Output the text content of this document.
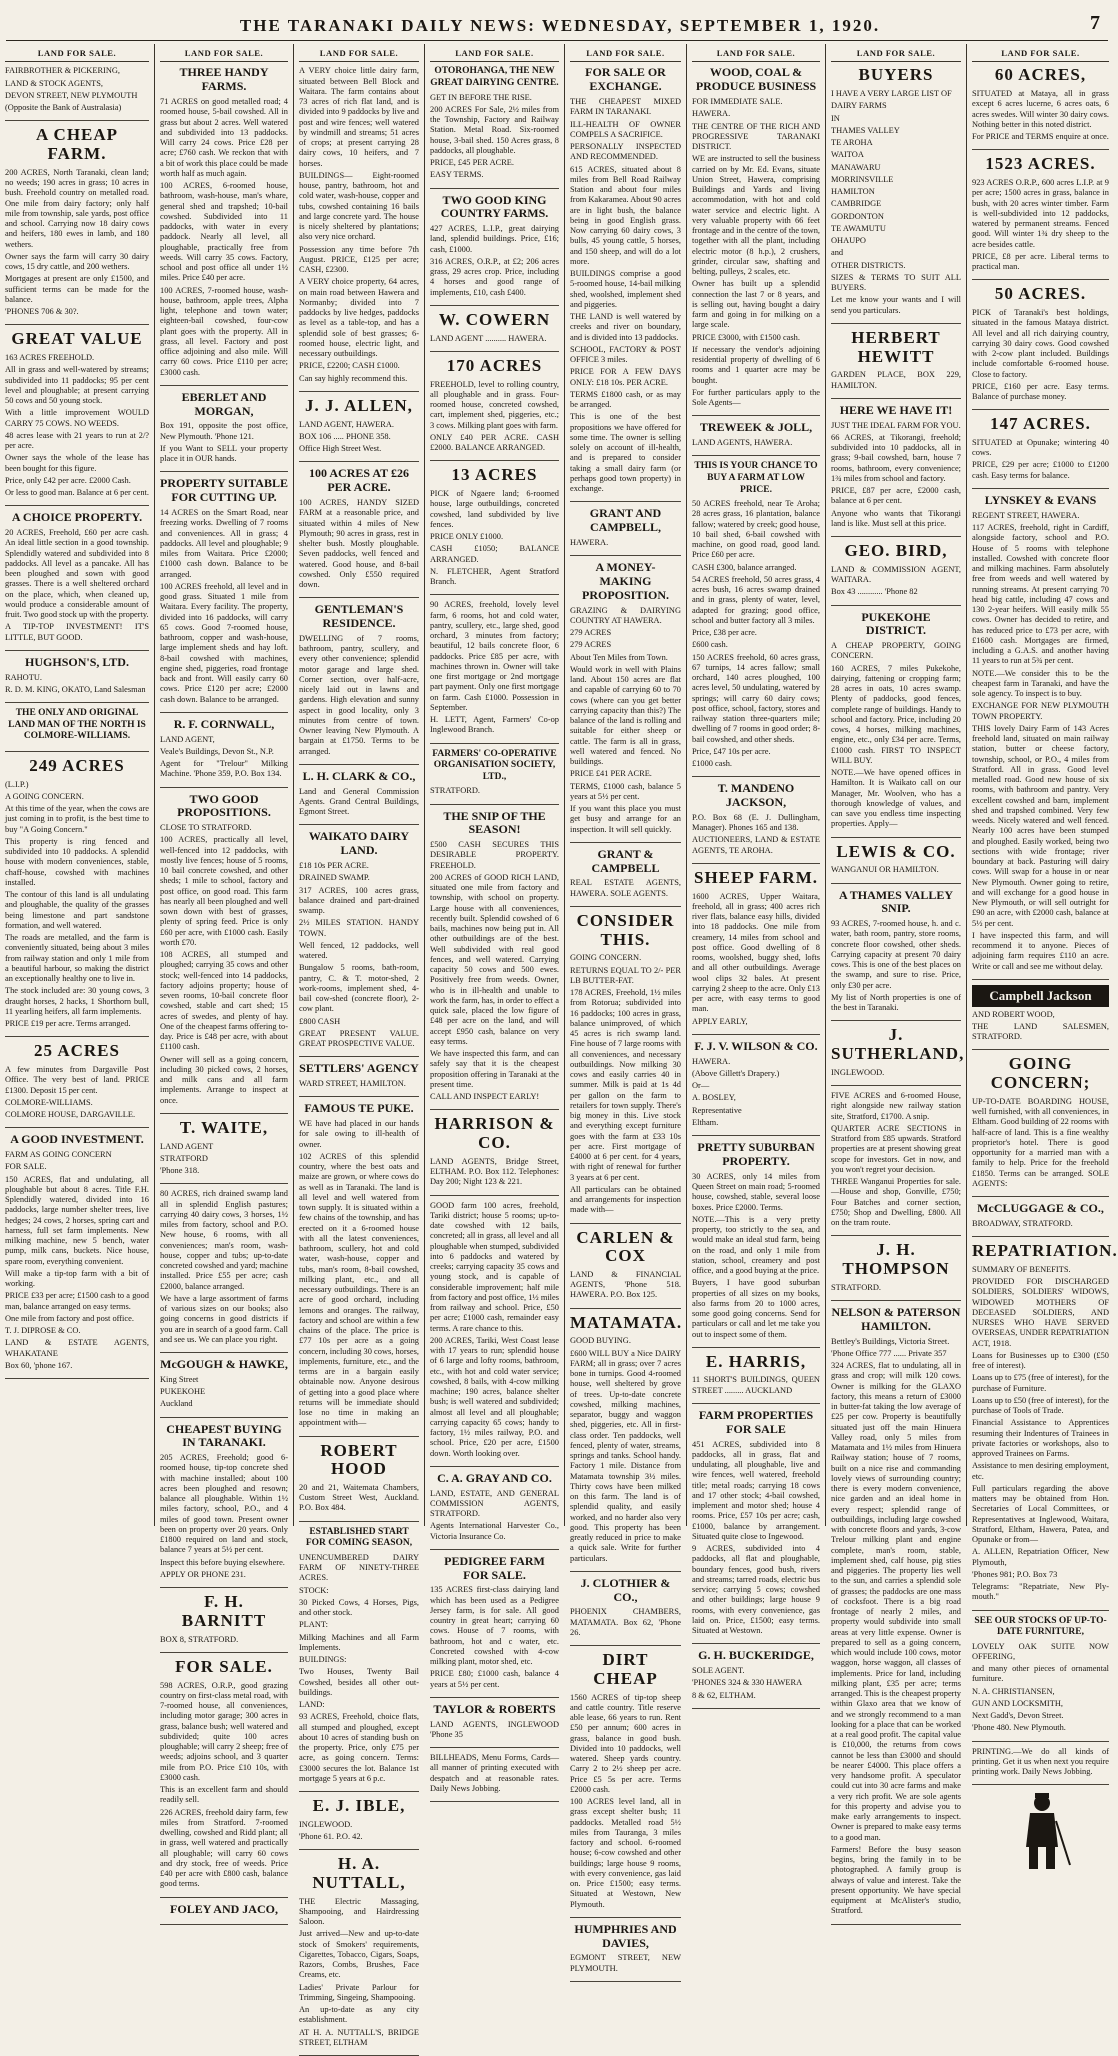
THE TARANAKI DAILY NEWS: WEDNESDAY, SEPTEMBER 1, 1920.	7
LAND FOR SALE.

FAIRBROTHER & PICKERING,

LAND & STOCK AGENTS,

DEVON STREET, NEW PLYMOUTH

(Opposite the Bank of Australasia)

A CHEAP FARM.

200 ACRES, North Taranaki, clean land; no weeds; 190 acres in grass; 10 acres in bush. Freehold country on metalled road. One mile from dairy factory; only half mile from township, sale yards, post office and school. Carrying now 18 dairy cows and heifers, 180 ewes in lamb, and 180 wethers.

Owner says the farm will carry 30 dairy cows, 15 dry cattle, and 200 wethers.

Mortgages at present are only £1500, and sufficient terms can be made for the balance.

'PHONES 706 & 30?.

GREAT VALUE

163 ACRES FREEHOLD.

All in grass and well-watered by streams; subdivided into 11 paddocks; 95 per cent level and ploughable; at present carrying 50 cows and 50 young stock.

With a little improvement WOULD CARRY 75 COWS. NO WEEDS.

48 acres lease with 21 years to run at 2/? per acre.

Owner says the whole of the lease has been bought for this figure.

Price, only £42 per acre. £2000 Cash.

Or less to good man. Balance at 6 per cent.

A CHOICE PROPERTY.

20 ACRES, Freehold, £60 per acre cash. An ideal little section in a good township. Splendidly watered and subdivided into 8 paddocks. All level as a pancake. All has been ploughed and sown with good grasses. There is a well sheltered orchard on the place, which, when cleaned up, would produce a considerable amount of fruit. Two good stock up with the property.

A TIP-TOP INVESTMENT! IT'S LITTLE, BUT GOOD.

HUGHSON'S, LTD.

RAHOTU.

R. D. M. KING, OKATO, Land Salesman

THE ONLY AND ORIGINAL LAND MAN OF THE NORTH IS COLMORE-WILLIAMS.
249 ACRES

(L.I.P.)

A GOING CONCERN.

At this time of the year, when the cows are just coming in to profit, is the best time to buy "A Going Concern."

This property is ring fenced and subdivided into 10 paddocks. A splendid house with modern conveniences, stable, chaff-house, cowshed with machines installed.

The contour of this land is all undulating and ploughable, the quality of the grasses being limestone and part sandstone formation, and well watered.

The roads are metalled, and the farm is conveniently situated, being about 3 miles from railway station and only 1 mile from a beautiful harbour, so making the district an exceptionally healthy one to live in.

The stock included are: 30 young cows, 3 draught horses, 2 hacks, 1 Shorthorn bull, 11 yearling heifers, all farm implements.

PRICE £19 per acre. Terms arranged.

25 ACRES

A few minutes from Dargaville Post Office. The very best of land. PRICE £1300. Deposit 15 per cent.

COLMORE-WILLIAMS.

COLMORE HOUSE, DARGAVILLE.

A GOOD INVESTMENT.

FARM AS GOING CONCERN

FOR SALE.

150 ACRES, flat and undulating, all ploughable but about 8 acres. Title F.H. Splendidly watered, divided into 16 paddocks, large number shelter trees, live hedges; 24 cows, 2 horses, spring cart and harness, full set farm implements. New milking machine, new 5 bench, water pump, milk cans, buckets. Nice house, spare room, everything convenient.

Will make a tip-top farm with a bit of working.

PRICE £33 per acre; £1500 cash to a good man, balance arranged on easy terms.

One mile from factory and post office.

T. J. DIPROSE & CO.

LAND & ESTATE AGENTS, WHAKATANE

Box 60, 'phone 167.

LAND FOR SALE.
THREE HANDY FARMS.

71 ACRES on good metalled road; 4 roomed house, 5-bail cowshed. All in grass but about 2 acres. Well watered and subdivided into 13 paddocks. Will carry 24 cows. Price £28 per acre; £760 cash. We reckon that with a bit of work this place could be made worth half as much again.

100 ACRES, 6-roomed house, bathroom, wash-house, man's whare, general shed and trapshed; 10-bail cowshed. Subdivided into 11 paddocks, with water in every paddock. Nearly all level, all ploughable, practically free from weeds. Will carry 35 cows. Factory, school and post office all under 1½ miles. Price £40 per acre.

100 ACRES, 7-roomed house, wash-house, bathroom, apple trees, Alpha light, telephone and town water; eighteen-bail cowshed, four-cow plant goes with the property. All in grass, all level. Factory and post office adjoining and also mile. Will carry 60 cows. Price £110 per acre; £3000 cash.

EBERLET AND MORGAN,

Box 191, opposite the post office, New Plymouth. 'Phone 121.

If you Want to SELL your property place it in OUR hands.

PROPERTY SUITABLE FOR CUTTING UP.

14 ACRES on the Smart Road, near freezing works. Dwelling of 7 rooms and conveniences. All in grass; 4 paddocks. All level and ploughable; 9 miles from Waitara. Price £2000; £1000 cash down. Balance to be arranged.

100 ACRES freehold, all level and in good grass. Situated 1 mile from Waitara. Every facility. The property, divided into 16 paddocks, will carry 65 cows. Good 7-roomed house, bathroom, copper and wash-house, large implement sheds and hay loft. 8-bail cowshed with machines, engine shed, piggeries, road frontage back and front. Will easily carry 60 cows. Price £120 per acre; £2000 cash down. Balance to be arranged.

R. F. CORNWALL,

LAND AGENT,

Veale's Buildings, Devon St., N.P.

Agent for "Trelour" Milking Machine. 'Phone 359, P.O. Box 134.

TWO GOOD PROPOSITIONS.

CLOSE TO STRATFORD.

100 ACRES, practically all level, well-fenced into 12 paddocks, with mostly live fences; house of 5 rooms, 10 bail concrete cowshed, and other sheds; 1 mile to school, factory and post office, on good road. This farm has nearly all been ploughed and well sown down with best of grasses, plenty of spring feed. Price is only £60 per acre, with £1000 cash. Easily worth £70.

108 ACRES, all stumped and ploughed; carrying 35 cows and other stock; well-fenced into 14 paddocks, factory adjoins property; house of seven rooms, 10-bail concrete floor cowshed, stable and cart shed; 15 acres of swedes, and plenty of hay. One of the cheapest farms offering to-day. Price is £48 per acre, with about £1100 cash.

Owner will sell as a going concern, including 30 picked cows, 2 horses, and milk cans and all farm implements. Arrange to inspect at once.

T. WAITE,

LAND AGENT

STRATFORD

'Phone 318.

80 ACRES, rich drained swamp land all in splendid English pastures; carrying 40 dairy cows, 3 horses, 1½ miles from factory, school and P.O. New house, 6 rooms, with all conveniences; man's room, wash-house, copper and tubs; up-to-date concreted cowshed and yard; machine installed. Price £55 per acre; cash £2000, balance arranged.

We have a large assortment of farms of various sizes on our books; also going concerns in good districts if you are in search of a good farm. Call and see us. We can place you right.

McGOUGH & HAWKE,

King Street

PUKEKOHE

Auckland

CHEAPEST BUYING IN TARANAKI.

205 ACRES, Freehold; good 6-roomed house, tip-top concrete shed with machine installed; about 100 acres been ploughed and resown; balance all ploughable. Within 1½ miles factory, school, P.O., and 4 miles of good town. Present owner been on property over 20 years. Only £1800 required on land and stock, balance 7 years at 5½ per cent.

Inspect this before buying elsewhere.

APPLY OR PHONE 231.

F. H. BARNITT

BOX 8, STRATFORD.

FOR SALE.

598 ACRES, O.R.P., good grazing country on first-class metal road, with 7-roomed house, all conveniences, including motor garage; 300 acres in grass, balance bush; well watered and subdivided; quite 100 acres ploughable; will carry 2 sheep; free of weeds; adjoins school, and 3 quarter mile from P.O. Price £10 10s, with £3000 cash.

This is an excellent farm and should readily sell.

226 ACRES, freehold dairy farm, few miles from Stratford. 7-roomed dwelling, cowshed and Ridd plant; all in grass, well watered and practically all ploughable; will carry 60 cows and dry stock, free of weeds. Price £40 per acre with £800 cash, balance good terms.

FOLEY AND JACO,
LAND FOR SALE.

A VERY choice little dairy farm, situated between Bell Block and Waitara. The farm contains about 73 acres of rich flat land, and is divided into 9 paddocks by live and post and wire fences; well watered by windmill and streams; 51 acres of crops; at present carrying 28 dairy cows, 10 heifers, and 7 horses.

BUILDINGS— Eight-roomed house, pantry, bathroom, hot and cold water, wash-house, copper and tubs, cowshed containing 16 bails and large concrete yard. The house is nicely sheltered by plantations; also very nice orchard.

Possession any time before 7th August. PRICE, £125 per acre; CASH, £2300.

A VERY choice property, 64 acres, on main road between Hawera and Normanby; divided into 7 paddocks by live hedges, paddocks as level as a table-top, and has a splendid sole of best grasses; 6-roomed house, electric light, and necessary outbuildings.

PRICE, £2200; CASH £1000.

Can say highly recommend this.

J. J. ALLEN,

LAND AGENT, HAWERA.

BOX 106 ..... PHONE 358.

Office High Street West.

100 ACRES AT £26 PER ACRE.

100 ACRES, HANDY SIZED FARM at a reasonable price, and situated within 4 miles of New Plymouth; 90 acres in grass, rest in shelter bush. Mostly ploughable. Seven paddocks, well fenced and watered. Good house, and 8-bail cowshed. Only £550 required down.

GENTLEMAN'S RESIDENCE.

DWELLING of 7 rooms, bathroom, pantry, scullery, and every other convenience; splendid motor garage and large shed. Corner section, over half-acre, nicely laid out in lawns and gardens. High elevation and sunny aspect in good locality, only 3 minutes from centre of town. Owner leaving New Plymouth. A bargain at £1750. Terms to be arranged.

L. H. CLARK & CO.,

Land and General Commission Agents. Grand Central Buildings, Egmont Street.

WAIKATO DAIRY LAND.

£18 10s PER ACRE.

DRAINED SWAMP.

317 ACRES, 100 acres grass, balance drained and part-drained swamp.

2½ MILES STATION. HANDY TOWN.

Well fenced, 12 paddocks, well watered.

Bungalow 5 rooms, bath-room, pantry, C. & T. motor-shed, 2 work-rooms, implement shed, 4-bail cow-shed (concrete floor), 2-cow plant.

£800 CASH

GREAT PRESENT VALUE. GREAT PROSPECTIVE VALUE.

SETTLERS' AGENCY

WARD STREET, HAMILTON.

FAMOUS TE PUKE.

WE have had placed in our hands for sale owing to ill-health of owner.

102 ACRES of this splendid country, where the best oats and maize are grown, or where cows do as well as in Taranaki. The land is all level and well watered from town supply. It is situated within a few chains of the township, and has erected on it a 6-roomed house with all the latest conveniences, bathroom, scullery, hot and cold water, wash-house, copper and tubs, man's room, 8-bail cowshed, milking plant, etc., and all necessary outbuildings. There is an acre of good orchard, including lemons and oranges. The railway, factory and school are within a few chains of the place. The price is £77 10s per acre as a going concern, including 30 cows, horses, implements, furniture, etc., and the terms are in a bargain easily obtainable now. Anyone desirous of getting into a good place where returns will be immediate should lose no time in making an appointment with—

ROBERT HOOD

20 and 21, Waitemata Chambers, Custom Street West, Auckland. P.O. Box 484.

ESTABLISHED START FOR COMING SEASON,

UNENCUMBERED DAIRY FARM OF NINETY-THREE ACRES.

STOCK:

30 Picked Cows, 4 Horses, Pigs, and other stock.

PLANT:

Milking Machines and all Farm Implements.

BUILDINGS:

Two Houses, Twenty Bail Cowshed, besides all other out-buildings.

LAND:

93 ACRES, Freehold, choice flats, all stumped and ploughed, except about 10 acres of standing bush on the property. Price, only £75 per acre, as going concern. Terms: £3000 secures the lot. Balance 1st mortgage 5 years at 6 p.c.

E. J. IBLE,

INGLEWOOD.

'Phone 61. P.O. 42.

H. A. NUTTALL,

THE Electric Massaging, Shampooing, and Hairdressing Saloon.

Just arrived—New and up-to-date stock of Smokers' requirements, Cigarettes, Tobacco, Cigars, Soaps, Razors, Combs, Brushes, Face Creams, etc.

Ladies' Private Parlour for Trimming, Singeing, Shampooing.

An up-to-date as any city establishment.

AT H. A. NUTTALL'S, BRIDGE STREET, ELTHAM

LAND FOR SALE.
OTOROHANGA, THE NEW GREAT DAIRYING CENTRE.

GET IN BEFORE THE RISE.

200 ACRES For Sale, 2½ miles from the Township, Factory and Railway Station. Metal Road. Six-roomed house, 3-bail shed. 150 Acres grass, 8 paddocks, all ploughable.

PRICE, £45 PER ACRE.

EASY TERMS.

TWO GOOD KING COUNTRY FARMS.

427 ACRES, L.I.P., great dairying land, splendid buildings. Price, £16; cash, £1000.

316 ACRES, O.R.P., at £2; 206 acres grass, 29 acres crop. Price, including 4 horses and good range of implements, £10, cash £400.

W. COWERN

LAND AGENT .......... HAWERA.

170 ACRES

FREEHOLD, level to rolling country, all ploughable and in grass. Four-roomed house, concreted cowshed, cart, implement shed, piggeries, etc.; 3 cows. Milking plant goes with farm.

ONLY £40 PER ACRE. CASH £2000. BALANCE ARRANGED.

13 ACRES

PICK of Ngaere land; 6-roomed house, large outbuildings, concreted cowshed, land subdivided by live fences.

PRICE ONLY £1000.

CASH £1050; BALANCE ARRANGED.

N. FLETCHER, Agent Stratford Branch.

90 ACRES, freehold, lovely level farm, 6 rooms, hot and cold water, pantry, scullery, etc., large shed, good orchard, 3 minutes from factory; beautiful, 12 bails concrete floor, 6 paddocks. Price £85 per acre, with machines thrown in. Owner will take one first mortgage or 2nd mortgage part payment. Only one first mortgage on farm. Cash £1000. Possession in September.

H. LETT, Agent, Farmers' Co-op Inglewood Branch.

FARMERS' CO-OPERATIVE ORGANISATION SOCIETY, LTD.,

STRATFORD.

THE SNIP OF THE SEASON!

£500 CASH SECURES THIS DESIRABLE PROPERTY. FREEHOLD.

200 ACRES of GOOD RICH LAND, situated one mile from factory and township, with school on property. Large house with all conveniences, recently built. Splendid cowshed of 6 bails, machines now being put in. All other outbuildings are of the best. Well subdivided with real good fences, and well watered. Carrying capacity 50 cows and 500 ewes. Positively free from weeds. Owner, who is in ill-health and unable to work the farm, has, in order to effect a quick sale, placed the low figure of £48 per acre on the land, and will accept £950 cash, balance on very easy terms.

We have inspected this farm, and can safely say that it is the cheapest proposition offering in Taranaki at the present time.

CALL AND INSPECT EARLY!

HARRISON & CO.

LAND AGENTS, Bridge Street, ELTHAM. P.O. Box 112. Telephones: Day 200; Night 123 & 221.

GOOD farm 100 acres, freehold, Tariki district; house 5 rooms; up-to-date cowshed with 12 bails, concreted; all in grass, all level and all ploughable when stumped, subdivided into 6 paddocks and watered by creeks; carrying capacity 35 cows and young stock, and is capable of considerable improvement; half mile from factory and post office, 1½ miles from railway and school. Price, £50 per acre; £1000 cash, remainder easy terms. A rare chance to this.

200 ACRES, Tariki, West Coast lease with 17 years to run; splendid house of 6 large and lofty rooms, bathroom, etc., with hot and cold water service; cowshed, 8 bails, with 4-cow milking machine; 190 acres, balance shelter bush; is well watered and subdivided; almost all level and all ploughable; carrying capacity 65 cows; handy to factory, 1½ miles railway, P.O. and school. Price, £20 per acre, £1500 down. Worth looking over.

C. A. GRAY AND CO.

LAND, ESTATE, AND GENERAL COMMISSION AGENTS, STRATFORD.

Agents International Harvester Co., Victoria Insurance Co.

PEDIGREE FARM FOR SALE.

135 ACRES first-class dairying land which has been used as a Pedigree Jersey farm, is for sale. All good country in great heart; carrying 60 cows. House of 7 rooms, with bathroom, hot and c water, etc. Concreted cowshed with 4-cow milking plant, motor shed, etc.

PRICE £80; £1000 cash, balance 4 years at 5½ per cent.

TAYLOR & ROBERTS

LAND AGENTS, INGLEWOOD 'Phone 35

BILLHEADS, Menu Forms, Cards—all manner of printing executed with despatch and at reasonable rates. Daily News Jobbing.

LAND FOR SALE.
FOR SALE OR EXCHANGE.

THE CHEAPEST MIXED FARM IN TARANAKI.

ILL-HEALTH OF OWNER COMPELS A SACRIFICE.

PERSONALLY INSPECTED AND RECOMMENDED.

615 ACRES, situated about 8 miles from Bell Road Railway Station and about four miles from Kakaramea. About 90 acres are in light bush, the balance being in good English grass. Now carrying 60 dairy cows, 3 bulls, 45 young cattle, 5 horses, and 150 sheep, and will do a lot more.

BUILDINGS comprise a good 5-roomed house, 14-bail milking shed, woolshed, implement shed and piggeries.

THE LAND is well watered by creeks and river on boundary, and is divided into 13 paddocks.

SCHOOL, FACTORY & POST OFFICE 3 miles.

PRICE FOR A FEW DAYS ONLY: £18 10s. PER ACRE.

TERMS £1800 cash, or as may be arranged.

This is one of the best propositions we have offered for some time. The owner is selling solely on account of ill-health, and is prepared to consider taking a small dairy farm (or perhaps good town property) in exchange.

GRANT AND CAMPBELL,

HAWERA.

A MONEY-MAKING PROPOSITION.

GRAZING & DAIRYING COUNTRY AT HAWERA.

279 ACRES

279 ACRES

About Ten Miles from Town.

Would work in well with Plains land. About 150 acres are flat and capable of carrying 60 to 70 cows (where can you get better carrying capacity than this?) The balance of the land is rolling and suitable for either sheep or cattle. The farm is all in grass, well watered and fenced. No buildings.

PRICE £41 PER ACRE.

TERMS, £1000 cash, balance 5 years at 5½ per cent.

If you want this place you must get busy and arrange for an inspection. It will sell quickly.

GRANT & CAMPBELL

REAL ESTATE AGENTS, HAWERA. SOLE AGENTS.

CONSIDER THIS.

GOING CONCERN.

RETURNS EQUAL TO 2/- PER LB BUTTER-FAT.

178 ACRES, Freehold, 1½ miles from Rotorua; subdivided into 16 paddocks; 100 acres in grass, balance unimproved, of which 45 acres is rich swamp land. Fine house of 7 large rooms with all conveniences, and necessary outbuildings. Now milking 30 cows and easily carries 40 in summer. Milk is paid at 1s 4d per gallon on the farm to retailers for town supply. There's big money in this. Live stock and everything except furniture goes with the farm at £33 10s per acre. First mortgage of £4000 at 6 per cent. for 4 years, with right of renewal for further 3 years at 6 per cent.

All particulars can be obtained and arrangements for inspection made with—

CARLEN & COX

LAND & FINANCIAL AGENTS, 'Phone 518. HAWERA. P.O. Box 125.

MATAMATA.

GOOD BUYING.

£600 WILL BUY a Nice DAIRY FARM; all in grass; over 7 acres bone in turnips. Good 4-roomed house, well sheltered by grove of trees. Up-to-date concrete cowshed, milking machines, separator, buggy and waggon shed, piggeries, etc. All in first-class order. Ten paddocks, well fenced, plenty of water, streams, springs and tanks. School handy. Factory 1 mile. Distance from Matamata township 3½ miles. Thirty cows have been milked on this farm. The land is of splendid quality, and easily worked, and no harder also very good. This property has been greatly reduced in price to make a quick sale. Write for further particulars.

J. CLOTHIER & CO.,

PHOENIX CHAMBERS, MATAMATA. Box 62, 'Phone 26.

DIRT CHEAP

1560 ACRES of tip-top sheep and cattle country. Title reserve able lease, 66 years to run. Rent £50 per annum; 600 acres in grass, balance in good bush. Divided into 10 paddocks, well watered. Sheep yards country. Carry 2 to 2½ sheep per acre. Price £5 5s per acre. Terms £2000 cash.

100 ACRES level land, all in grass except shelter bush; 11 paddocks. Metalled road 5½ miles from Tauranga, 3 miles factory and school. 6-roomed house; 6-cow cowshed and other buildings; large house 9 rooms, with every convenience, gas laid on. Price £1500; easy terms. Situated at Westown, New Plymouth.

HUMPHRIES AND DAVIES,

EGMONT STREET, NEW PLYMOUTH.

LAND FOR SALE.
WOOD, COAL & PRODUCE BUSINESS

FOR IMMEDIATE SALE.

HAWERA.

THE CENTRE OF THE RICH AND PROGRESSIVE TARANAKI DISTRICT.

WE are instructed to sell the business carried on by Mr. Ed. Evans, situate Union Street, Hawera, comprising Buildings and Yards and living accommodation, with hot and cold water service and electric light. A very valuable property with 66 feet frontage and in the centre of the town, together with all the plant, including electric motor (8 h.p.), 2 crushers, grinder, circular saw, shafting and belting, pulleys, 2 scales, etc.

Owner has built up a splendid connection the last 7 or 8 years, and is selling out, having bought a dairy farm and going in for milking on a large scale.

PRICE £3000, with £1500 cash.

If necessary the vendor's adjoining residential property of dwelling of 6 rooms and 1 quarter acre may be bought.

For further particulars apply to the Sole Agents—

TREWEEK & JOLL,

LAND AGENTS, HAWERA.

THIS IS YOUR CHANCE TO BUY A FARM AT LOW PRICE.

50 ACRES freehold, near Te Aroha; 28 acres grass, 16 plantation, balance fallow; watered by creek; good house, 10 bail shed, 6-bail cowshed with machine, on good road, good land. Price £60 per acre.

CASH £300, balance arranged.

54 ACRES freehold, 50 acres grass, 4 acres bush, 16 acres swamp drained and in grass, plenty of water, level, adapted for grazing; good office, school and butter factory all 3 miles.

Price, £38 per acre.

£600 cash.

150 ACRES freehold, 60 acres grass, 67 turnips, 14 acres fallow; small orchard, 140 acres ploughed, 100 acres level, 50 undulating, watered by springs; will carry 60 dairy cows; post office, school, factory, stores and railway station three-quarters mile; dwelling of 7 rooms in good order; 8-bail cowshed, and other sheds.

Price, £47 10s per acre.

£1000 cash.

T. MANDENO JACKSON,

P.O. Box 68 (E. J. Dullingham, Manager). Phones 165 and 138.

AUCTIONEERS, LAND & ESTATE AGENTS, TE AROHA.

SHEEP FARM.

1600 ACRES, Upper Waitara, freehold, all in grass; 400 acres rich river flats, balance easy hills, divided into 18 paddocks. One mile from creamery, 14 miles from school and post office. Good dwelling of 8 rooms, woolshed, buggy shed, lofts and all other outbuildings. Average wool clips 32 bales. At present carrying 2 sheep to the acre. Only £13 per acre, with easy terms to good man.

APPLY EARLY,

F. J. V. WILSON & CO.

HAWERA.

(Above Gillett's Drapery.)

Or—

A. BOSLEY,

Representative

Eltham.

PRETTY SUBURBAN PROPERTY.

30 ACRES, only 14 miles from Queen Street on main road; 5-roomed house, cowshed, stable, several loose boxes. Price £2000. Terms.

NOTE.—This is a very pretty property, too strictly to the sea, and would make an ideal stud farm, being on the road, and only 1 mile from station, school, creamery and post office, and a good buying at the price.

Buyers, I have good suburban properties of all sizes on my books, also farms from 20 to 1000 acres, some good going concerns. Send for particulars or call and let me take you out to inspect some of them.

E. HARRIS,

11 SHORT'S BUILDINGS, QUEEN STREET ......... AUCKLAND

FARM PROPERTIES FOR SALE

451 ACRES, subdivided into 8 paddocks, all in grass, flat and undulating, all ploughable, live and wire fences, well watered, freehold title; metal roads; carrying 18 cows and 17 other stock; 4-bail cowshed, implement and motor shed; house 4 rooms. Price, £57 10s per acre; cash, £1000, balance by arrangement. Situated quite close to Ingewood.

9 ACRES, subdivided into 4 paddocks, all flat and ploughable, boundary fences, good bush, rivers and streams; tarred roads, electric bus service; carrying 5 cows; cowshed and other buildings; large house 9 rooms, with every convenience, gas laid on. Price, £1500; easy terms. Situated at Westown.

G. H. BUCKERIDGE,

SOLE AGENT.

'PHONES 324 & 330 HAWERA

8 & 62, ELTHAM.

LAND FOR SALE.
BUYERS

I HAVE A VERY LARGE LIST OF

DAIRY FARMS

IN

THAMES VALLEY

TE AROHA

WAITOA

MANAWARU

MORRINSVILLE

HAMILTON

CAMBRIDGE

GORDONTON

TE AWAMUTU

OHAUPO

and

OTHER DISTRICTS.

SIZES & TERMS TO SUIT ALL BUYERS.

Let me know your wants and I will send you particulars.

HERBERT HEWITT

GARDEN PLACE, BOX 229, HAMILTON.

HERE WE HAVE IT!

JUST THE IDEAL FARM FOR YOU.

66 ACRES, at Tikorangi, freehold; subdivided into 10 paddocks, all in grass; 9-bail cowshed, barn, house 7 rooms, bathroom, every convenience; 1¾ miles from school and factory.

PRICE, £87 per acre, £2000 cash, balance at 6 per cent.

Anyone who wants that Tikorangi land is like. Must sell at this price.

GEO. BIRD,

LAND & COMMISSION AGENT, WAITARA.

Box 43 ............ 'Phone 82

PUKEKOHE DISTRICT.

A CHEAP PROPERTY, GOING CONCERN.

160 ACRES, 7 miles Pukekohe, dairying, fattening or cropping farm; 28 acres in oats, 10 acres swamp. Plenty of paddocks, good fences, complete range of buildings. Handy to school and factory. Price, including 20 cows, 4 horses, milking machines, engine, etc., only £34 per acre. Terms, £1000 cash. FIRST TO INSPECT WILL BUY.

NOTE.—We have opened offices in Hamilton. It is Waikato call on our Manager, Mr. Woolven, who has a thorough knowledge of values, and can save you endless time inspecting properties. Apply—

LEWIS & CO.

WANGANUI OR HAMILTON.

A THAMES VALLEY SNIP.

93 ACRES, 7-roomed house, h. and c. water, bath room, pantry, store rooms, concrete floor cowshed, other sheds. Carrying capacity at present 70 dairy cows. This is one of the best places on the swamp, and sure to rise. Price, only £30 per acre.

My list of North properties is one of the best in Taranaki.

J. SUTHERLAND,

INGLEWOOD.

FIVE ACRES and 6-roomed House, right alongside new railway station site, Stratford, £1700. A snip.

QUARTER ACRE SECTIONS in Stratford from £85 upwards. Stratford properties are at present showing great scope for investors. Get in now, and you won't regret your decision.

THREE Wanganui Properties for sale. —House and shop, Gonville, £750; Four Batches and corner section, £750; Shop and Dwelling, £800. All on the tram route.

J. H. THOMPSON

STRATFORD.

NELSON & PATERSON HAMILTON.

Bettley's Buildings, Victoria Street.

'Phone Office 777 ...... Private 357

324 ACRES, flat to undulating, all in grass and crop; will milk 120 cows. Owner is milking for the GLAXO factory, this means a return of £3000 in butter-fat taking the low average of £25 per cow. Property is beautifully situated just off the main Hinuera Valley road, only 5 miles from Matamata and 1½ miles from Hinuera Railway station; house of 7 rooms, built on a nice rise and commanding lovely views of surrounding country; there is every modern convenience, nice garden and an ideal home in every respect; splendid range of outbuildings, including large cowshed with concrete floors and yards, 3-cow Trelour milking plant and engine complete, man's room, stable, implement shed, calf house, pig sties and piggeries. The property lies well to the sun, and carries a splendid sole of grasses; the paddocks are one mass of cocksfoot. There is a big road frontage of nearly 2 miles, and property would subdivide into small areas at very little expense. Owner is prepared to sell as a going concern, which would include 100 cows, motor waggon, horse waggon, all classes of implements. Price for land, including milking plant, £35 per acre; terms arranged. This is the cheapest property within Glaxo area that we know of and we strongly recommend to a man looking for a place that can be worked at a real good profit. The capital value is £10,000, the returns from cows cannot be less than £3000 and should be nearer £4000. This place offers a very handsome profit. A speculator could cut into 30 acre farms and make a very rich profit. We are sole agents for this property and advise you to make early arrangements to inspect. Owner is prepared to make easy terms to a good man.

Farmers! Before the busy season begins, bring the family in to be photographed. A family group is always of value and interest. Take the present opportunity. We have special equipment at McAlister's studio, Stratford.

LAND FOR SALE.
60 ACRES,

SITUATED at Mataya, all in grass except 6 acres lucerne, 6 acres oats, 6 acres swedes. Will winter 30 dairy cows. Nothing better in this noted district.

For PRICE and TERMS enquire at once.

1523 ACRES.

923 ACRES O.R.P., 600 acres L.I.P. at 9 per acre; 1500 acres in grass, balance in bush, with 20 acres winter timber. Farm is well-subdivided into 12 paddocks, watered by permanent streams. Fenced good. Will winter 1¾ dry sheep to the acre besides cattle.

PRICE, £8 per acre. Liberal terms to practical man.

50 ACRES.

PICK of Taranaki's best holdings, situated in the famous Mataya district. All level and all rich dairying country, carrying 30 dairy cows. Good cowshed with 2-cow plant included. Buildings include comfortable 6-roomed house. Close to factory.

PRICE, £160 per acre. Easy terms. Balance of purchase money.

147 ACRES.

SITUATED at Opunake; wintering 40 cows.

PRICE, £29 per acre; £1000 to £1200 cash. Easy terms for balance.

LYNSKEY & EVANS

REGENT STREET, HAWERA.

117 ACRES, freehold, right in Cardiff, alongside factory, school and P.O. House of 5 rooms with telephone installed. Cowshed with concrete floor and milking machines. Farm absolutely free from weeds and well watered by running streams. At present carrying 70 head big cattle, including 47 cows and 130 2-year heifers. Will easily milk 55 cows. Owner has decided to retire, and has reduced price to £73 per acre, with £1600 cash. Mortgages are firmed, including a G.A.S. and another having 11 years to run at 5¾ per cent.

NOTE.—We consider this to be the cheapest farm in Taranaki, and have the sole agency. To inspect is to buy.

EXCHANGE FOR NEW PLYMOUTH TOWN PROPERTY.

THIS lovely Dairy Farm of 143 Acres freehold land, situated on main railway station, butter or cheese factory, township, school, or P.O., 4 miles from Stratford. All in grass. Good level metalled road. Good new house of six rooms, with bathroom and pantry. Very excellent cowshed and barn, implement shed and trapshed combined. Very few weeds. Nicely watered and well fenced. Nearly 100 acres have been stumped and ploughed. Easily worked, being two sections with wide frontage; river boundary at back. Pasturing will dairy cows. Will swap for a house in or near New Plymouth. Owner going to retire, and will exchange for a good house in New Plymouth, or will sell outright for £90 an acre, with £2000 cash, balance at 5½ per cent.

I have inspected this farm, and will recommend it to anyone. Pieces of adjoining farm requires £110 an acre. Write or call and see me without delay.

Campbell Jackson

AND ROBERT WOOD,

THE LAND SALESMEN, STRATFORD.

GOING CONCERN;

UP-TO-DATE BOARDING HOUSE, well furnished, with all conveniences, in Eltham. Good building of 22 rooms with half-acre of land. This is a fine wealthy proprietor's hotel. There is good opportunity for a married man with a family to help. Price for the freehold £1850. Terms can be arranged. SOLE AGENTS:

McCLUGGAGE & CO.,

BROADWAY, STRATFORD.

REPATRIATION.

SUMMARY OF BENEFITS.

PROVIDED FOR DISCHARGED SOLDIERS, SOLDIERS' WIDOWS, WIDOWED MOTHERS OF DECEASED SOLDIERS, AND NURSES WHO HAVE SERVED OVERSEAS, UNDER REPATRIATION ACT, 1918.

Loans for Businesses up to £300 (£50 free of interest).

Loans up to £75 (free of interest), for the purchase of Furniture.

Loans up to £50 (free of interest), for the purchase of Tools of Trade.

Financial Assistance to Apprentices resuming their Indentures of Trainees in private factories or workshops, also to approved Trainees on Farms.

Assistance to men desiring employment, etc.

Full particulars regarding the above matters may be obtained from Hon. Secretaries of Local Committees, or Representatives at Inglewood, Waitara, Stratford, Eltham, Hawera, Patea, and Opunake or from—

A. ALLEN, Repatriation Officer, New Plymouth,

'Phones 981; P.O. Box 73

Telegrams: "Repatriate, New Ply-mouth."

SEE OUR STOCKS OF UP-TO-DATE FURNITURE,

LOVELY OAK SUITE NOW OFFERING,

and many other pieces of ornamental furniture.

N. A. CHRISTIANSEN,

GUN AND LOCKSMITH,

Next Gadd's, Devon Street.

'Phone 480. New Plymouth.

PRINTING.—We do all kinds of printing. Get it us when next you require printing work. Daily News Jobbing.
